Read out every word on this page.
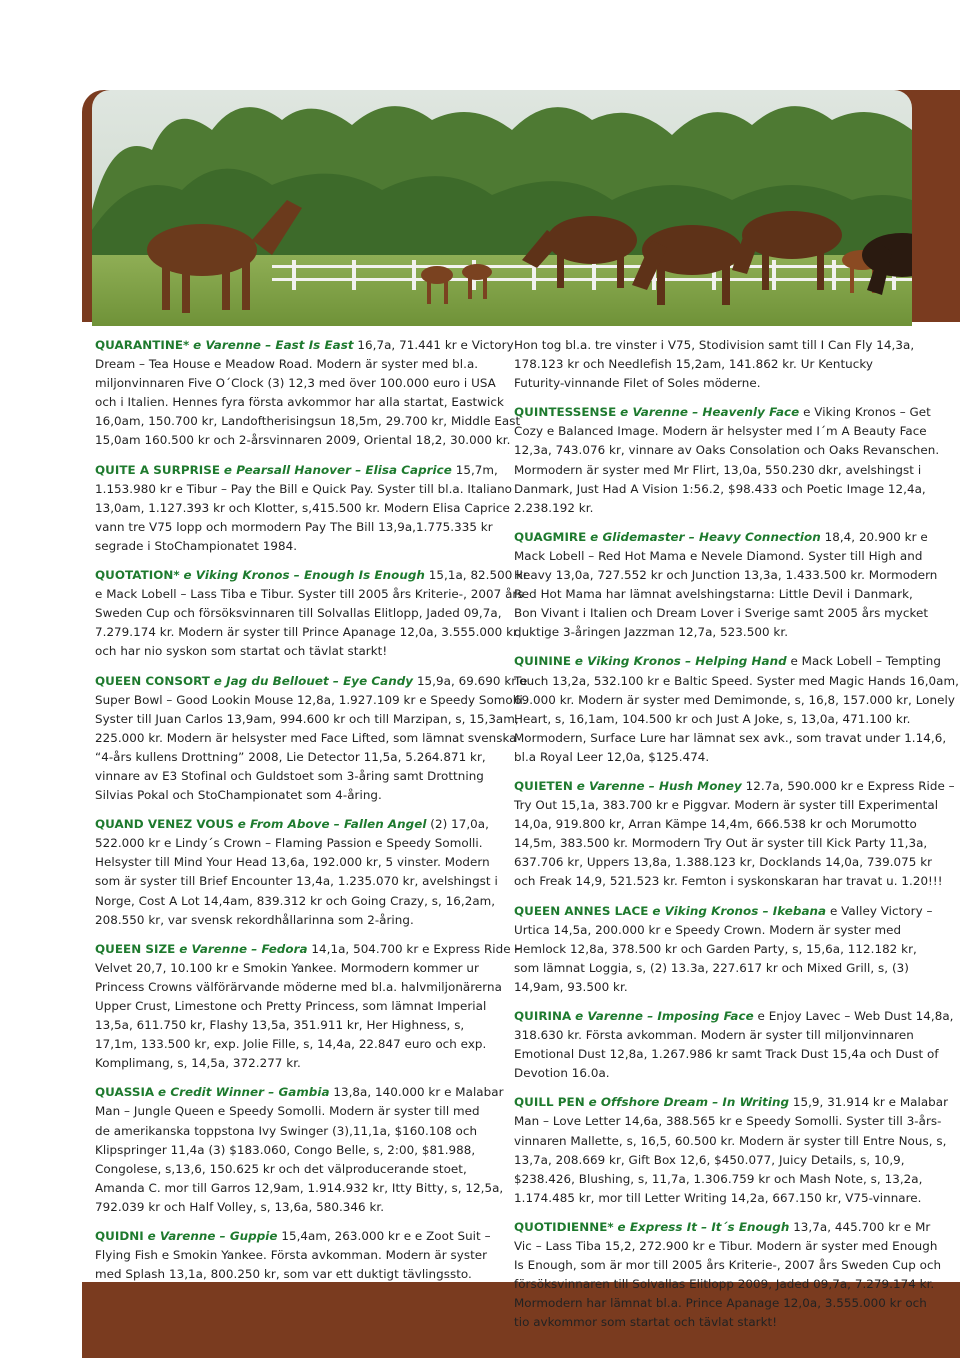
QUARANTINE* e Varenne – East Is East 16,7a, 71.441 kr e Victory
Dream – Tea House e Meadow Road. Modern är syster med bl.a.
miljonvinnaren Five O´Clock (3) 12,3 med över 100.000 euro i USA
och i Italien. Hennes fyra första avkommor har alla startat, Eastwick
16,0am, 150.700 kr, Landoftherisingsun 18,5m, 29.700 kr, Middle East
15,0am 160.500 kr och 2-årsvinnaren 2009, Oriental 18,2, 30.000 kr.
QUITE A SURPRISE e Pearsall Hanover – Elisa Caprice 15,7m,
1.153.980 kr e Tibur – Pay the Bill e Quick Pay. Syster till bl.a. Italiano
13,0am, 1.127.393 kr och Klotter, s,415.500 kr. Modern Elisa Caprice
vann tre V75 lopp och mormodern Pay The Bill 13,9a,1.775.335 kr
segrade i StoChampionatet 1984.
QUOTATION* e Viking Kronos – Enough Is Enough 15,1a, 82.500 kr
e Mack Lobell – Lass Tiba e Tibur. Syster till 2005 års Kriterie-, 2007 års
Sweden Cup och försöksvinnaren till Solvallas Elitlopp, Jaded 09,7a,
7.279.174 kr. Modern är syster till Prince Apanage 12,0a, 3.555.000 kr,
och har nio syskon som startat och tävlat starkt!
QUEEN CONSORT e Jag du Bellouet – Eye Candy 15,9a, 69.690 kr e
Super Bowl – Good Lookin Mouse 12,8a, 1.927.109 kr e Speedy Somolli.
Syster till Juan Carlos 13,9am, 994.600 kr och till Marzipan, s, 15,3am,
225.000 kr. Modern är helsyster med Face Lifted, som lämnat svenska
“4-års kullens Drottning” 2008, Lie Detector 11,5a, 5.264.871 kr,
vinnare av E3 Stofinal och Guldstoet som 3-åring samt Drottning
Silvias Pokal och StoChampionatet som 4-åring.
QUAND VENEZ VOUS e From Above – Fallen Angel (2) 17,0a,
522.000 kr e Lindy´s Crown – Flaming Passion e Speedy Somolli.
Helsyster till Mind Your Head 13,6a, 192.000 kr, 5 vinster. Modern
som är syster till Brief Encounter 13,4a, 1.235.070 kr, avelshingst i
Norge, Cost A Lot 14,4am, 839.312 kr och Going Crazy, s, 16,2am,
208.550 kr, var svensk rekordhållarinna som 2-åring.
QUEEN SIZE e Varenne – Fedora 14,1a, 504.700 kr e Express Ride –
Velvet 20,7, 10.100 kr e Smokin Yankee. Mormodern kommer ur
Princess Crowns välförärvande möderne med bl.a. halvmiljonärerna
Upper Crust, Limestone och Pretty Princess, som lämnat Imperial
13,5a, 611.750 kr, Flashy 13,5a, 351.911 kr, Her Highness, s,
17,1m, 133.500 kr, exp. Jolie Fille, s, 14,4a, 22.847 euro och exp.
Komplimang, s, 14,5a, 372.277 kr.
QUASSIA e Credit Winner – Gambia 13,8a, 140.000 kr e Malabar
Man – Jungle Queen e Speedy Somolli. Modern är syster till med
de amerikanska toppstona Ivy Swinger (3),11,1a, $160.108 och
Klipspringer 11,4a (3) $183.060, Congo Belle, s, 2:00, $81.988,
Congolese, s,13,6, 150.625 kr och det välproducerande stoet,
Amanda C. mor till Garros 12,9am, 1.914.932 kr, Itty Bitty, s, 12,5a,
792.039 kr och Half Volley, s, 13,6a, 580.346 kr.
QUIDNI e Varenne – Guppie 15,4am, 263.000 kr e e Zoot Suit –
Flying Fish e Smokin Yankee. Första avkomman. Modern är syster
med Splash 13,1a, 800.250 kr, som var ett duktigt tävlingssto.
Hon tog bl.a. tre vinster i V75, Stodivision samt till I Can Fly 14,3a,
178.123 kr och Needlefish 15,2am, 141.862 kr. Ur Kentucky
Futurity-vinnande Filet of Soles möderne.
QUINTESSENSE e Varenne – Heavenly Face e Viking Kronos – Get
Cozy e Balanced Image. Modern är helsyster med I´m A Beauty Face
12,3a, 743.076 kr, vinnare av Oaks Consolation och Oaks Revanschen.
Mormodern är syster med Mr Flirt, 13,0a, 550.230 dkr, avelshingst i
Danmark, Just Had A Vision 1:56.2, $98.433 och Poetic Image 12,4a,
2.238.192 kr.
QUAGMIRE e Glidemaster – Heavy Connection 18,4, 20.900 kr e
Mack Lobell – Red Hot Mama e Nevele Diamond. Syster till High and
Heavy 13,0a, 727.552 kr och Junction 13,3a, 1.433.500 kr. Mormodern
Red Hot Mama har lämnat avelshingstarna: Little Devil i Danmark,
Bon Vivant i Italien och Dream Lover i Sverige samt 2005 års mycket
duktige 3-åringen Jazzman 12,7a, 523.500 kr.
QUININE e Viking Kronos – Helping Hand e Mack Lobell – Tempting
Touch 13,2a, 532.100 kr e Baltic Speed. Syster med Magic Hands 16,0am,
69.000 kr. Modern är syster med Demimonde, s, 16,8, 157.000 kr, Lonely
Heart, s, 16,1am, 104.500 kr och Just A Joke, s, 13,0a, 471.100 kr.
Mormodern, Surface Lure har lämnat sex avk., som travat under 1.14,6,
bl.a Royal Leer 12,0a, $125.474.
QUIETEN e Varenne – Hush Money 12.7a, 590.000 kr e Express Ride –
Try Out 15,1a, 383.700 kr e Piggvar. Modern är syster till Experimental
14,0a, 919.800 kr, Arran Kämpe 14,4m, 666.538 kr och Morumotto
14,5m, 383.500 kr. Mormodern Try Out är syster till Kick Party 11,3a,
637.706 kr, Uppers 13,8a, 1.388.123 kr, Docklands 14,0a, 739.075 kr
och Freak 14,9, 521.523 kr. Femton i syskonskaran har travat u. 1.20!!!
QUEEN ANNES LACE e Viking Kronos – Ikebana e Valley Victory –
Urtica 14,5a, 200.000 kr e Speedy Crown. Modern är syster med
Hemlock 12,8a, 378.500 kr och Garden Party, s, 15,6a, 112.182 kr,
som lämnat Loggia, s, (2) 13.3a, 227.617 kr och Mixed Grill, s, (3)
14,9am, 93.500 kr.
QUIRINA e Varenne – Imposing Face e Enjoy Lavec – Web Dust 14,8a,
318.630 kr. Första avkomman. Modern är syster till miljonvinnaren
Emotional Dust 12,8a, 1.267.986 kr samt Track Dust 15,4a och Dust of
Devotion 16.0a.
QUILL PEN e Offshore Dream – In Writing 15,9, 31.914 kr e Malabar
Man – Love Letter 14,6a, 388.565 kr e Speedy Somolli. Syster till 3-års-
vinnaren Mallette, s, 16,5, 60.500 kr. Modern är syster till Entre Nous, s,
13,7a, 208.669 kr, Gift Box 12,6, $450.077, Juicy Details, s, 10,9,
$238.426, Blushing, s, 11,7a, 1.306.759 kr och Mash Note, s, 13,2a,
1.174.485 kr, mor till Letter Writing 14,2a, 667.150 kr, V75-vinnare.
QUOTIDIENNE* e Express It – It´s Enough 13,7a, 445.700 kr e Mr
Vic – Lass Tiba 15,2, 272.900 kr e Tibur. Modern är syster med Enough
Is Enough, som är mor till 2005 års Kriterie-, 2007 års Sweden Cup och
försöksvinnaren till Solvallas Elitlopp 2009, Jaded 09,7a, 7.279.174 kr.
Mormodern har lämnat bl.a. Prince Apanage 12,0a, 3.555.000 kr och
tio avkommor som startat och tävlat starkt!
